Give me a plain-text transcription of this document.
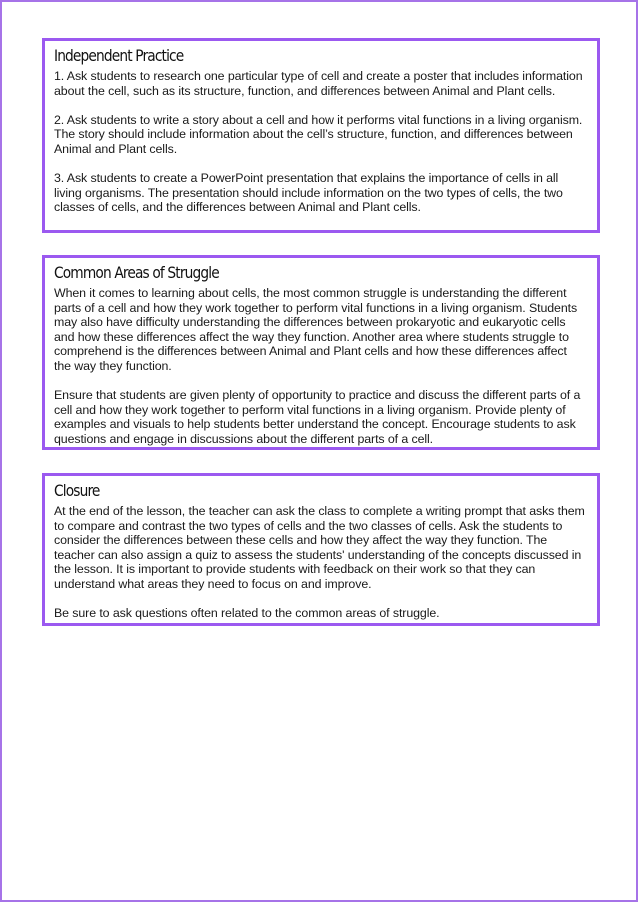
Independent Practice

1. Ask students to research one particular type of cell and create a poster that includes information about the cell, such as its structure, function, and differences between Animal and Plant cells.

2. Ask students to write a story about a cell and how it performs vital functions in a living organism. The story should include information about the cell’s structure, function, and differences between Animal and Plant cells.

3. Ask students to create a PowerPoint presentation that explains the importance of cells in all living organisms. The presentation should include information on the two types of cells, the two classes of cells, and the differences between Animal and Plant cells.

Common Areas of Struggle

When it comes to learning about cells, the most common struggle is understanding the different parts of a cell and how they work together to perform vital functions in a living organism. Students may also have difficulty understanding the differences between prokaryotic and eukaryotic cells and how these differences affect the way they function. Another area where students struggle to comprehend is the differences between Animal and Plant cells and how these differences affect the way they function.

Ensure that students are given plenty of opportunity to practice and discuss the different parts of a cell and how they work together to perform vital functions in a living organism. Provide plenty of examples and visuals to help students better understand the concept. Encourage students to ask questions and engage in discussions about the different parts of a cell.

Closure

At the end of the lesson, the teacher can ask the class to complete a writing prompt that asks them to compare and contrast the two types of cells and the two classes of cells. Ask the students to consider the differences between these cells and how they affect the way they function. The teacher can also assign a quiz to assess the students' understanding of the concepts discussed in the lesson. It is important to provide students with feedback on their work so that they can understand what areas they need to focus on and improve.

Be sure to ask questions often related to the common areas of struggle.
